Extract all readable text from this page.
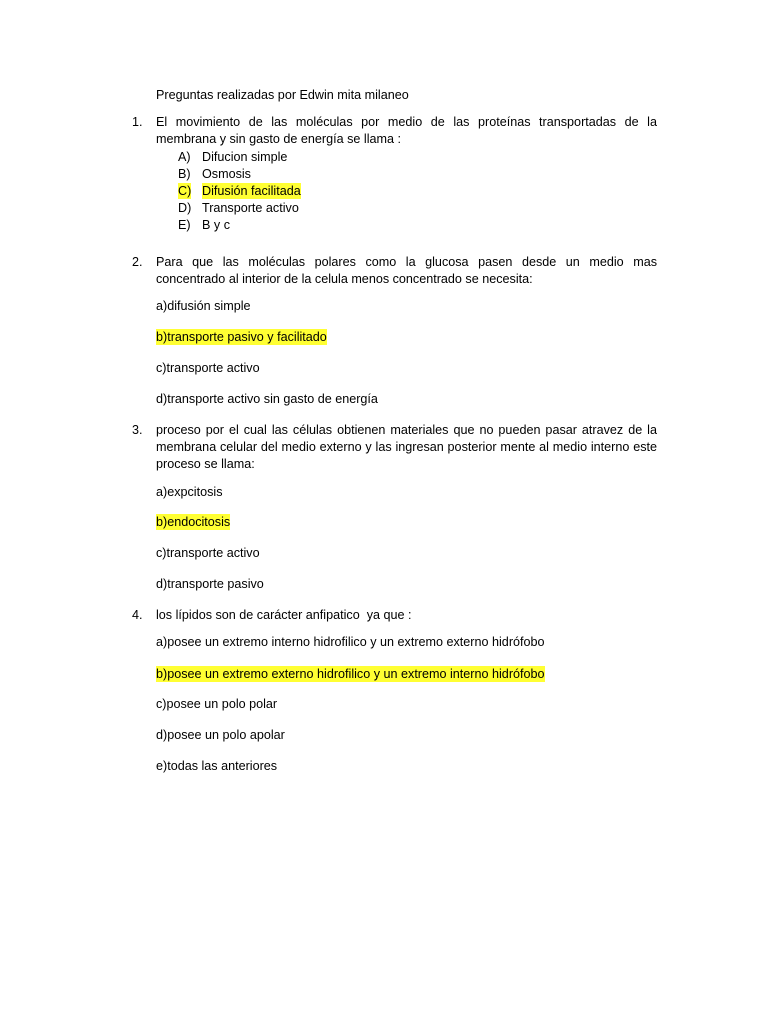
Preguntas realizadas por Edwin mita milaneo
1. El movimiento de las moléculas por medio de las proteínas transportadas de la membrana y sin gasto de energía se llama :
A) Difucion simple
B) Osmosis
C) Difusión facilitada
D) Transporte activo
E) B y c
2. Para que las moléculas polares como la glucosa pasen desde un medio mas concentrado al interior de la celula menos concentrado se necesita:
a)difusión simple
b)transporte pasivo y facilitado
c)transporte activo
d)transporte activo sin gasto de energía
3. proceso por el cual las células obtienen materiales que no pueden pasar atravez de la membrana celular del medio externo y las ingresan posterior mente al medio interno este proceso se llama:
a)expcitosis
b)endocitosis
c)transporte activo
d)transporte pasivo
4. los lípidos son de carácter anfipatico  ya que :
a)posee un extremo interno hidrofilico y un extremo externo hidrófobo
b)posee un extremo externo hidrofilico y un extremo interno hidrófobo
c)posee un polo polar
d)posee un polo apolar
e)todas las anteriores
